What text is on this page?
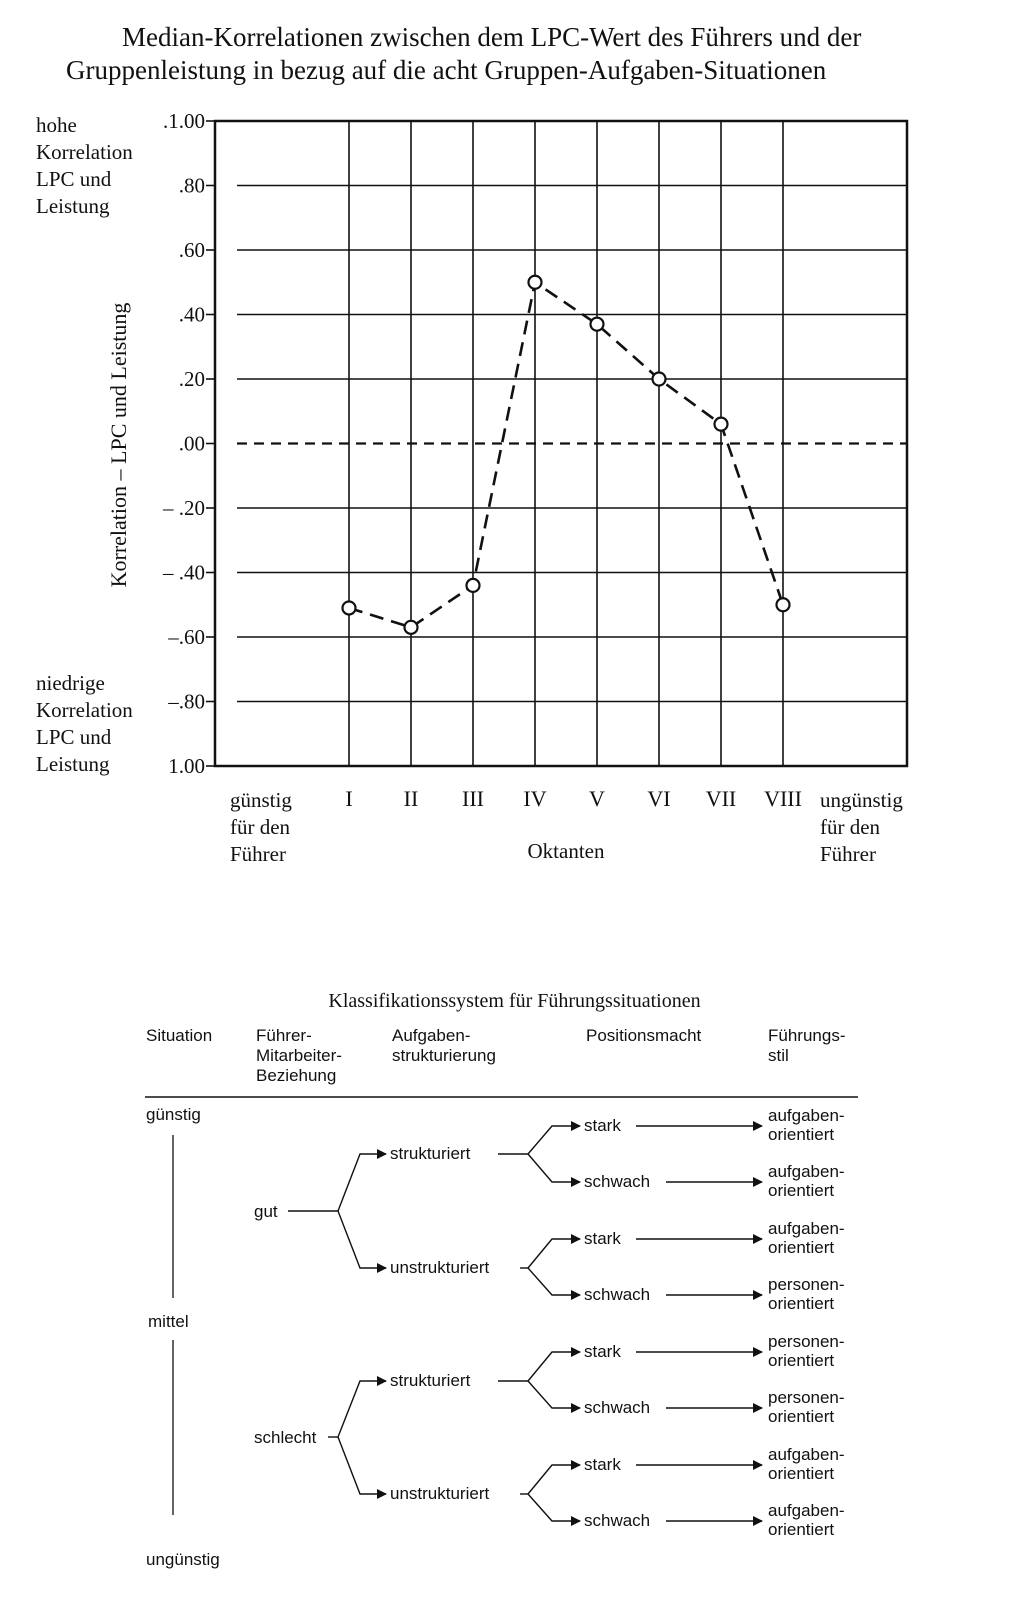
Median-Korrelationen zwischen dem LPC-Wert des Führers und der
Gruppenleistung in bezug auf die acht Gruppen-Aufgaben-Situationen
hohe
Korrelation
LPC und
Leistung
niedrige
Korrelation
LPC und
Leistung
günstig
für den
Führer
ungünstig
für den
Führer
.1.00
.80
.60
.40
.20
.00
– .20
– .40
–.60
–.80
1.00
I II III IV V VI VII VIII
Korrelation – LPC und Leistung
Oktanten
Klassifikationssystem für Führungssituationen
Situation	Führer-
Mitarbeiter-
Beziehung
Aufgaben-
strukturierung
Positionsmacht	Führungs-
stil
günstig
mittel
ungünstig
gut
schlecht
strukturiert
unstrukturiert
strukturiert
unstrukturiert
stark
schwach
stark
schwach
stark
schwach
stark
schwach
aufgaben-
orientiert
aufgaben-
orientiert
aufgaben-
orientiert
personen-
orientiert
personen-
orientiert
personen-
orientiert
aufgaben-
orientiert
aufgaben-
orientiert
